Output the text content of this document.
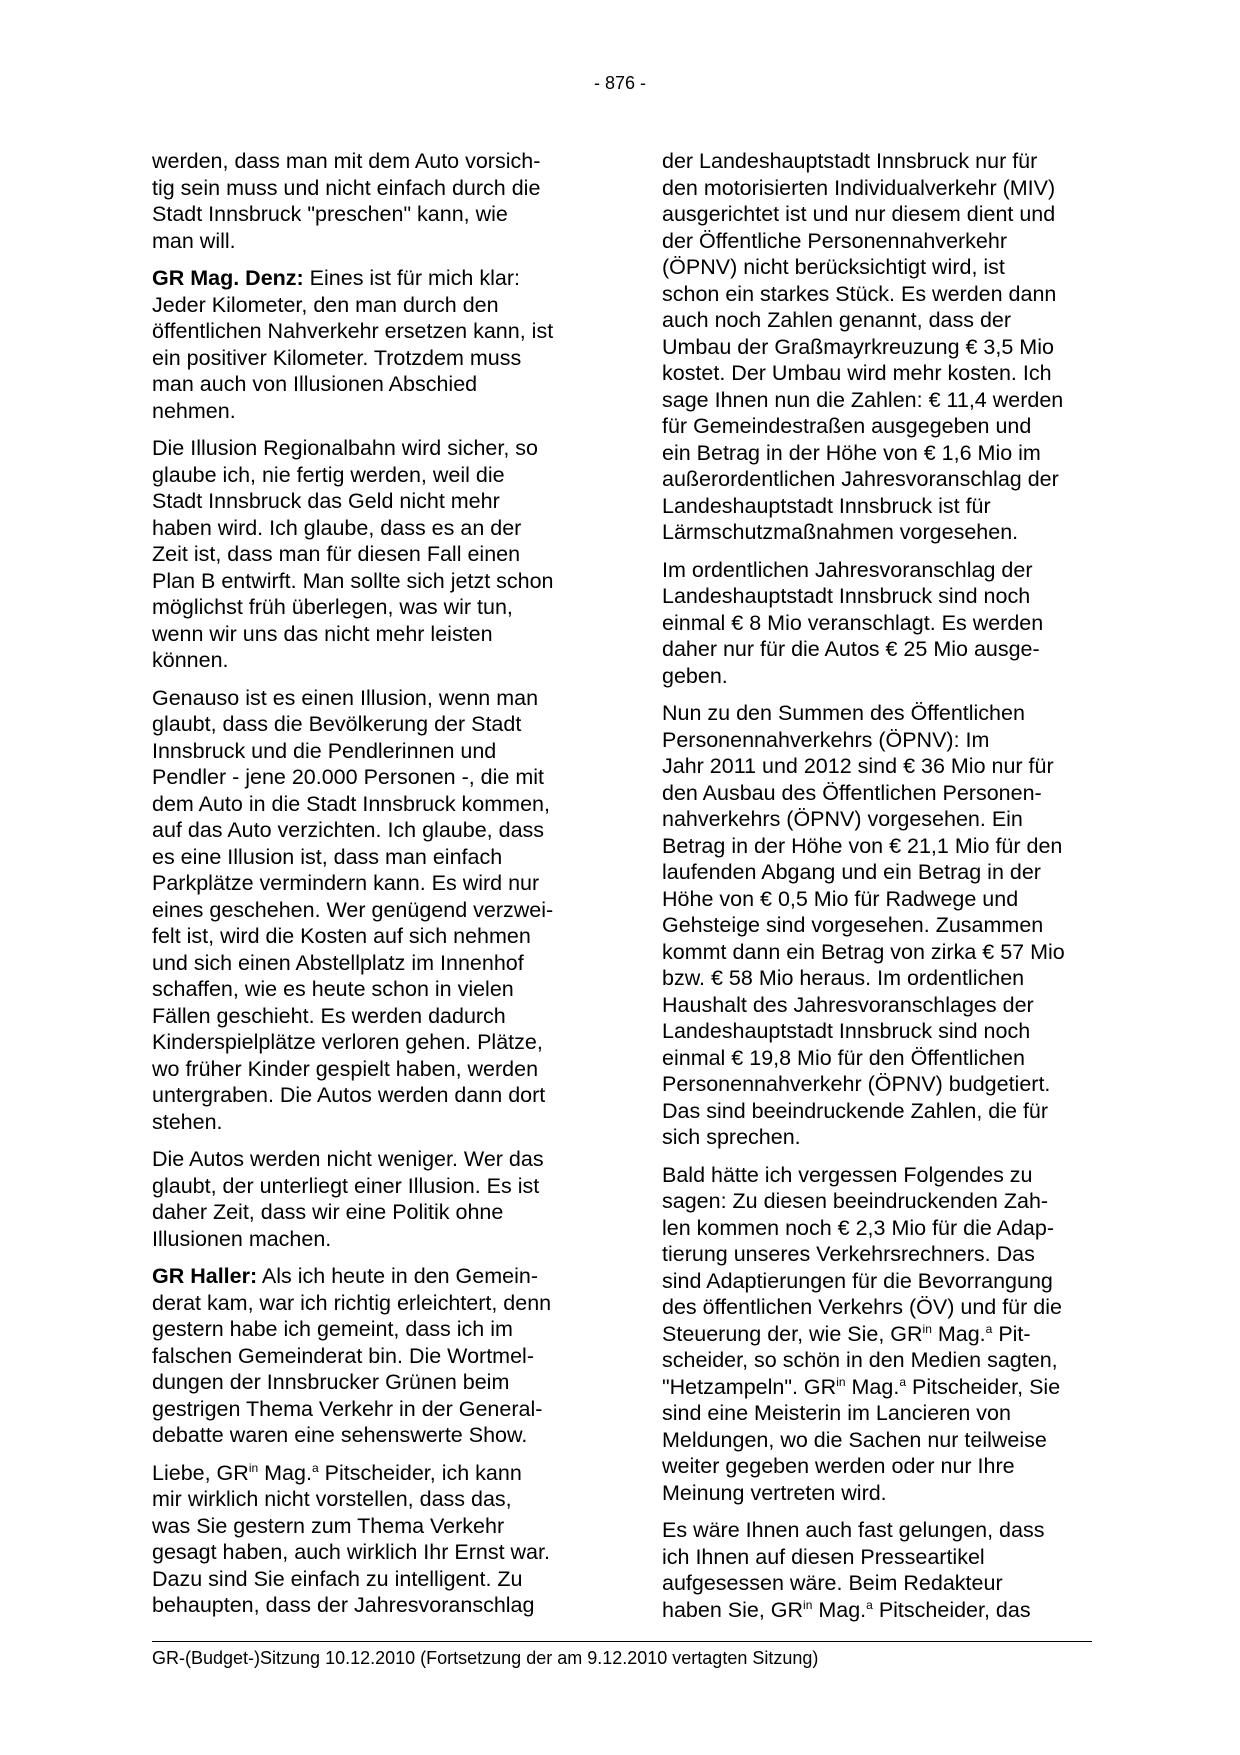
- 876 -

werden, dass man mit dem Auto vorsich-
tig sein muss und nicht einfach durch die
Stadt Innsbruck "preschen" kann, wie
man will.

GR Mag. Denz: Eines ist für mich klar:
Jeder Kilometer, den man durch den
öffentlichen Nahverkehr ersetzen kann, ist
ein positiver Kilometer. Trotzdem muss
man auch von Illusionen Abschied
nehmen.

Die Illusion Regionalbahn wird sicher, so
glaube ich, nie fertig werden, weil die
Stadt Innsbruck das Geld nicht mehr
haben wird. Ich glaube, dass es an der
Zeit ist, dass man für diesen Fall einen
Plan B entwirft. Man sollte sich jetzt schon
möglichst früh überlegen, was wir tun,
wenn wir uns das nicht mehr leisten
können.

Genauso ist es einen Illusion, wenn man
glaubt, dass die Bevölkerung der Stadt
Innsbruck und die Pendlerinnen und
Pendler - jene 20.000 Personen -, die mit
dem Auto in die Stadt Innsbruck kommen,
auf das Auto verzichten. Ich glaube, dass
es eine Illusion ist, dass man einfach
Parkplätze vermindern kann. Es wird nur
eines geschehen. Wer genügend verzwei-
felt ist, wird die Kosten auf sich nehmen
und sich einen Abstellplatz im Innenhof
schaffen, wie es heute schon in vielen
Fällen geschieht. Es werden dadurch
Kinderspielplätze verloren gehen. Plätze,
wo früher Kinder gespielt haben, werden
untergraben. Die Autos werden dann dort
stehen.

Die Autos werden nicht weniger. Wer das
glaubt, der unterliegt einer Illusion. Es ist
daher Zeit, dass wir eine Politik ohne
Illusionen machen.

GR Haller: Als ich heute in den Gemein-
derat kam, war ich richtig erleichtert, denn
gestern habe ich gemeint, dass ich im
falschen Gemeinderat bin. Die Wortmel-
dungen der Innsbrucker Grünen beim
gestrigen Thema Verkehr in der General-
debatte waren eine sehenswerte Show.

Liebe, $GR^{in}$ Mag.$^a$ Pitscheider, ich kann
mir wirklich nicht vorstellen, dass das,
was Sie gestern zum Thema Verkehr
gesagt haben, auch wirklich Ihr Ernst war.
Dazu sind Sie einfach zu intelligent. Zu
behaupten, dass der Jahresvoranschlag

der Landeshauptstadt Innsbruck nur für
den motorisierten Individualverkehr (MIV)
ausgerichtet ist und nur diesem dient und
der Öffentliche Personennahverkehr
(ÖPNV) nicht berücksichtigt wird, ist
schon ein starkes Stück. Es werden dann
auch noch Zahlen genannt, dass der
Umbau der Graßmayrkreuzung € 3,5 Mio
kostet. Der Umbau wird mehr kosten. Ich
sage Ihnen nun die Zahlen: € 11,4 werden
für Gemeindestraßen ausgegeben und
ein Betrag in der Höhe von € 1,6 Mio im
außerordentlichen Jahresvoranschlag der
Landeshauptstadt Innsbruck ist für
Lärmschutzmaßnahmen vorgesehen.

Im ordentlichen Jahresvoranschlag der
Landeshauptstadt Innsbruck sind noch
einmal € 8 Mio veranschlagt. Es werden
daher nur für die Autos € 25 Mio ausge-
geben.

Nun zu den Summen des Öffentlichen
Personennahverkehrs (ÖPNV): Im
Jahr 2011 und 2012 sind € 36 Mio nur für
den Ausbau des Öffentlichen Personen-
nahverkehrs (ÖPNV) vorgesehen. Ein
Betrag in der Höhe von € 21,1 Mio für den
laufenden Abgang und ein Betrag in der
Höhe von € 0,5 Mio für Radwege und
Gehsteige sind vorgesehen. Zusammen
kommt dann ein Betrag von zirka € 57 Mio
bzw. € 58 Mio heraus. Im ordentlichen
Haushalt des Jahresvoranschlages der
Landeshauptstadt Innsbruck sind noch
einmal € 19,8 Mio für den Öffentlichen
Personennahverkehr (ÖPNV) budgetiert.
Das sind beeindruckende Zahlen, die für
sich sprechen.

Bald hätte ich vergessen Folgendes zu
sagen: Zu diesen beeindruckenden Zah-
len kommen noch € 2,3 Mio für die Adap-
tierung unseres Verkehrsrechners. Das
sind Adaptierungen für die Bevorrangung
des öffentlichen Verkehrs (ÖV) und für die
Steuerung der, wie Sie, $GR^{in}$ Mag.$^a$ Pit-
scheider, so schön in den Medien sagten,
"Hetzampeln". $GR^{in}$ Mag.$^a$ Pitscheider, Sie
sind eine Meisterin im Lancieren von
Meldungen, wo die Sachen nur teilweise
weiter gegeben werden oder nur Ihre
Meinung vertreten wird.

Es wäre Ihnen auch fast gelungen, dass
ich Ihnen auf diesen Presseartikel
aufgesessen wäre. Beim Redakteur
haben Sie, $GR^{in}$ Mag.$^a$ Pitscheider, das

GR-(Budget-)Sitzung 10.12.2010 (Fortsetzung der am 9.12.2010 vertagten Sitzung)
